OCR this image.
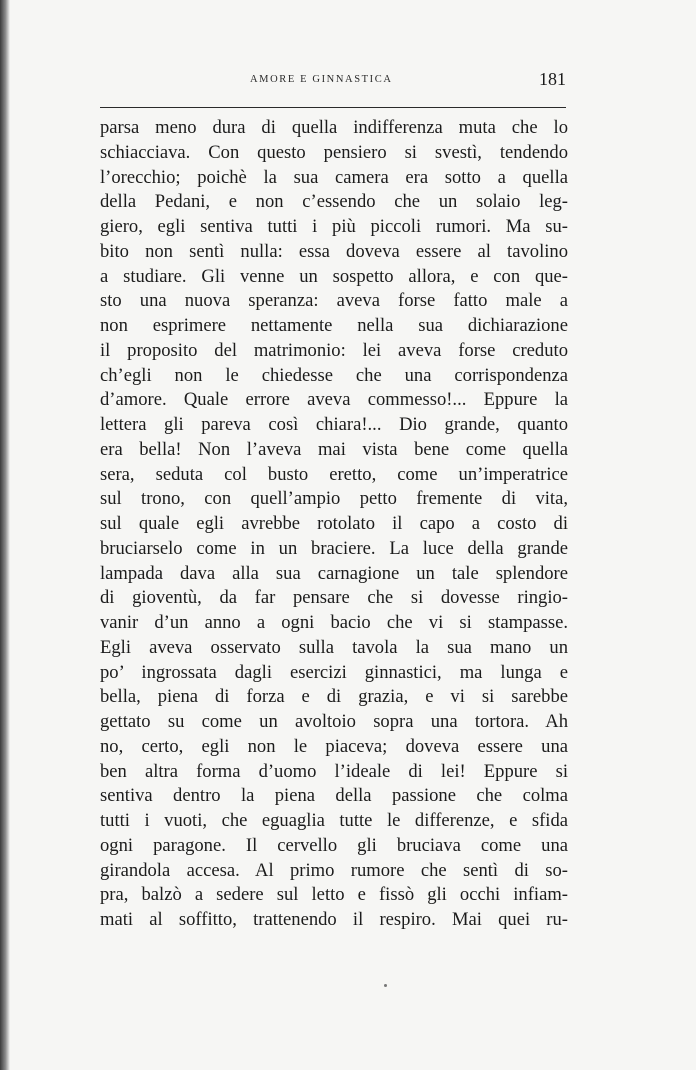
AMORE E GINNASTICA	181
parsa meno dura di quella indifferenza muta che lo
schiacciava. Con questo pensiero si svestì, tendendo
l’orecchio; poichè la sua camera era sotto a quella
della Pedani, e non c’essendo che un solaio leg-
giero, egli sentiva tutti i più piccoli rumori. Ma su-
bito non sentì nulla: essa doveva essere al tavolino
a studiare. Gli venne un sospetto allora, e con que-
sto una nuova speranza: aveva forse fatto male a
non esprimere nettamente nella sua dichiarazione
il proposito del matrimonio: lei aveva forse creduto
ch’egli non le chiedesse che una corrispondenza
d’amore. Quale errore aveva commesso!... Eppure la
lettera gli pareva così chiara!... Dio grande, quanto
era bella! Non l’aveva mai vista bene come quella
sera, seduta col busto eretto, come un’imperatrice
sul trono, con quell’ampio petto fremente di vita,
sul quale egli avrebbe rotolato il capo a costo di
bruciarselo come in un braciere. La luce della grande
lampada dava alla sua carnagione un tale splendore
di gioventù, da far pensare che si dovesse ringio-
vanir d’un anno a ogni bacio che vi si stampasse.
Egli aveva osservato sulla tavola la sua mano un
po’ ingrossata dagli esercizi ginnastici, ma lunga e
bella, piena di forza e di grazia, e vi si sarebbe
gettato su come un avoltoio sopra una tortora. Ah
no, certo, egli non le piaceva; doveva essere una
ben altra forma d’uomo l’ideale di lei! Eppure si
sentiva dentro la piena della passione che colma
tutti i vuoti, che eguaglia tutte le differenze, e sfida
ogni paragone. Il cervello gli bruciava come una
girandola accesa. Al primo rumore che sentì di so-
pra, balzò a sedere sul letto e fissò gli occhi infiam-
mati al soffitto, trattenendo il respiro. Mai quei ru-
